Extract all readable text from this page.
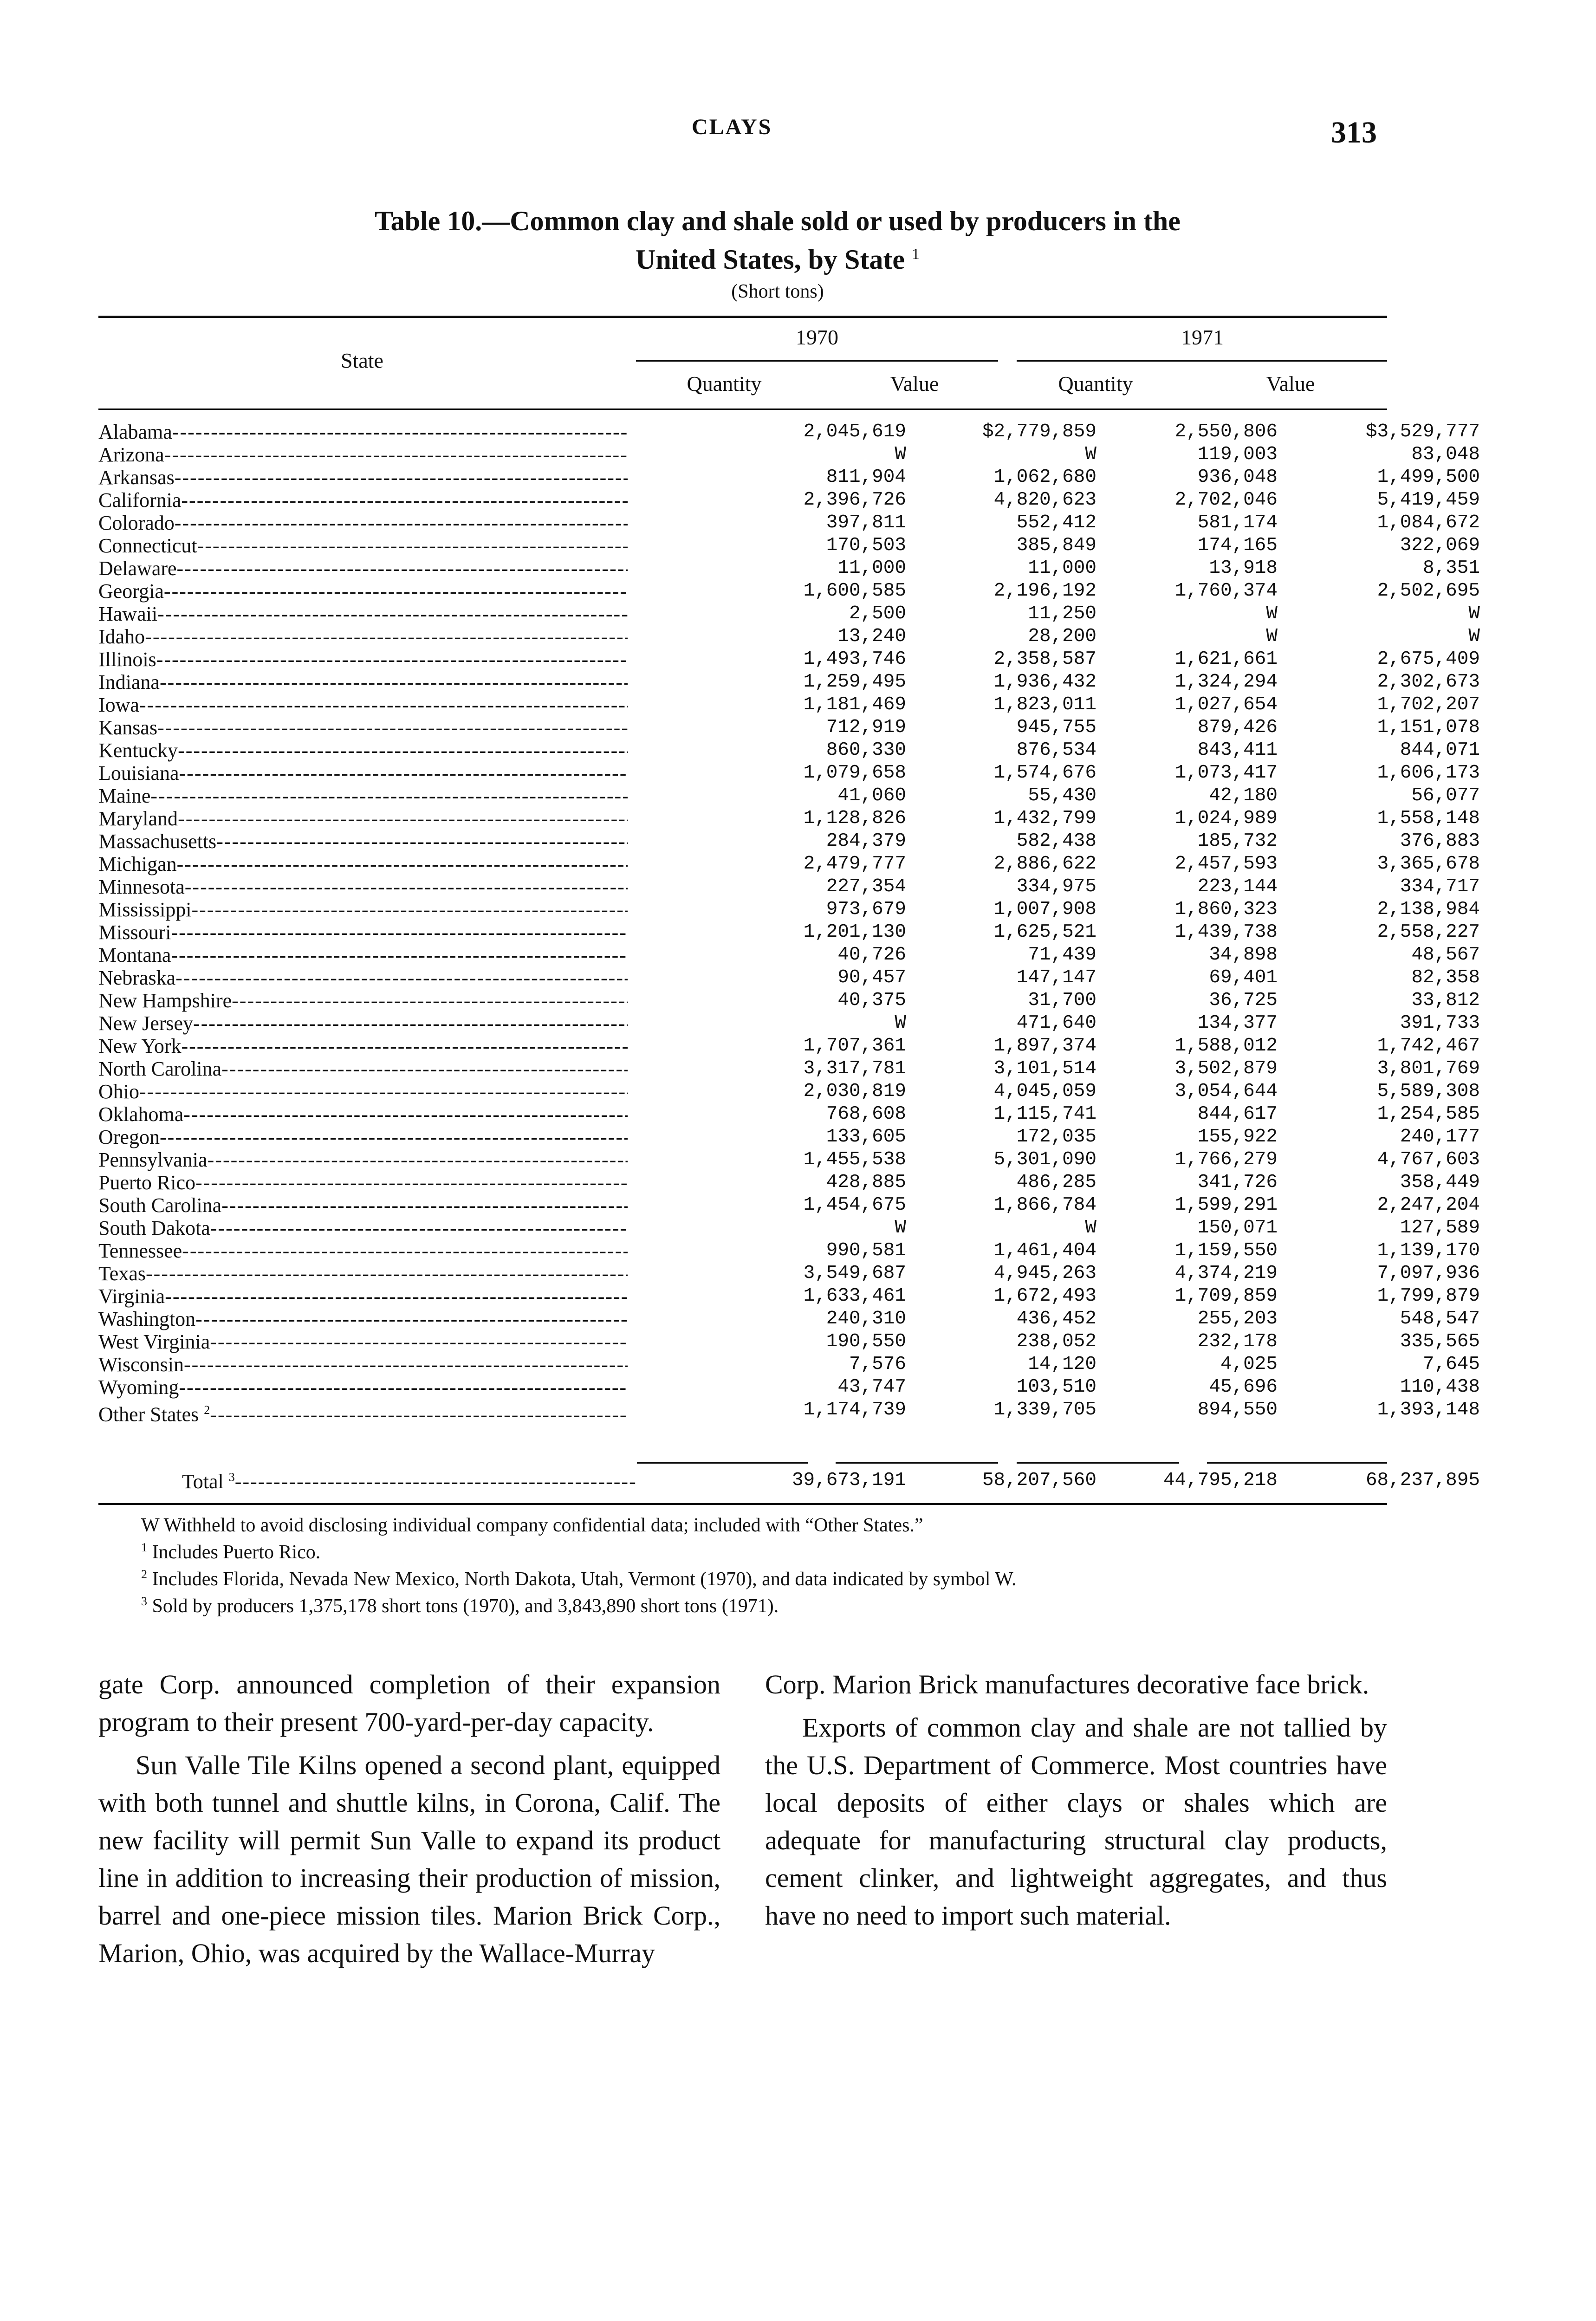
CLAYS	313
Table 10.—Common clay and shale sold or used by producers in the
United States, by State $^1$
(Short tons)
State
1970	1971
Quantity	Value	Quantity	Value
Alabama -----	2,045,619	$2,779,859	2,550,806	$3,529,777
Arizona -----	W	W	119,003	83,048
Arkansas -----	811,904	1,062,680	936,048	1,499,500
California -----	2,396,726	4,820,623	2,702,046	5,419,459
Colorado -----	397,811	552,412	581,174	1,084,672
Connecticut -----	170,503	385,849	174,165	322,069
Delaware -----	11,000	11,000	13,918	8,351
Georgia -----	1,600,585	2,196,192	1,760,374	2,502,695
Hawaii -----	2,500	11,250	W	W
Idaho -----	13,240	28,200	W	W
Illinois -----	1,493,746	2,358,587	1,621,661	2,675,409
Indiana -----	1,259,495	1,936,432	1,324,294	2,302,673
Iowa -----	1,181,469	1,823,011	1,027,654	1,702,207
Kansas -----	712,919	945,755	879,426	1,151,078
Kentucky -----	860,330	876,534	843,411	844,071
Louisiana -----	1,079,658	1,574,676	1,073,417	1,606,173
Maine -----	41,060	55,430	42,180	56,077
Maryland -----	1,128,826	1,432,799	1,024,989	1,558,148
Massachusetts -----	284,379	582,438	185,732	376,883
Michigan -----	2,479,777	2,886,622	2,457,593	3,365,678
Minnesota -----	227,354	334,975	223,144	334,717
Mississippi -----	973,679	1,007,908	1,860,323	2,138,984
Missouri -----	1,201,130	1,625,521	1,439,738	2,558,227
Montana -----	40,726	71,439	34,898	48,567
Nebraska -----	90,457	147,147	69,401	82,358
New Hampshire -----	40,375	31,700	36,725	33,812
New Jersey -----	W	471,640	134,377	391,733
New York -----	1,707,361	1,897,374	1,588,012	1,742,467
North Carolina -----	3,317,781	3,101,514	3,502,879	3,801,769
Ohio -----	2,030,819	4,045,059	3,054,644	5,589,308
Oklahoma -----	768,608	1,115,741	844,617	1,254,585
Oregon -----	133,605	172,035	155,922	240,177
Pennsylvania -----	1,455,538	5,301,090	1,766,279	4,767,603
Puerto Rico -----	428,885	486,285	341,726	358,449
South Carolina -----	1,454,675	1,866,784	1,599,291	2,247,204
South Dakota -----	W	W	150,071	127,589
Tennessee -----	990,581	1,461,404	1,159,550	1,139,170
Texas -----	3,549,687	4,945,263	4,374,219	7,097,936
Virginia -----	1,633,461	1,672,493	1,709,859	1,799,879
Washington -----	240,310	436,452	255,203	548,547
West Virginia -----	190,550	238,052	232,178	335,565
Wisconsin -----	7,576	14,120	4,025	7,645
Wyoming -----	43,747	103,510	45,696	110,438
Other States $^2$ -----	1,174,739	1,339,705	894,550	1,393,148
Total $^3$ -----	39,673,191	58,207,560	44,795,218	68,237,895

W Withheld to avoid disclosing individual company confidential data; included with “Other States.”

$^1$ Includes Puerto Rico.

$^2$ Includes Florida, Nevada New Mexico, North Dakota, Utah, Vermont (1970), and data indicated by symbol W.

$^3$ Sold by producers 1,375,178 short tons (1970), and 3,843,890 short tons (1971).

gate Corp. announced completion of their expansion program to their present 700-yard-per-day capacity.

Sun Valle Tile Kilns opened a second plant, equipped with both tunnel and shuttle kilns, in Corona, Calif. The new facility will permit Sun Valle to expand its product line in addition to increasing their production of mission, barrel and one-piece mission tiles. Marion Brick Corp., Marion, Ohio, was acquired by the Wallace-Murray

Corp. Marion Brick manufactures decorative face brick.

Exports of common clay and shale are not tallied by the U.S. Department of Commerce. Most countries have local deposits of either clays or shales which are adequate for manufacturing structural clay products, cement clinker, and lightweight aggregates, and thus have no need to import such material.
